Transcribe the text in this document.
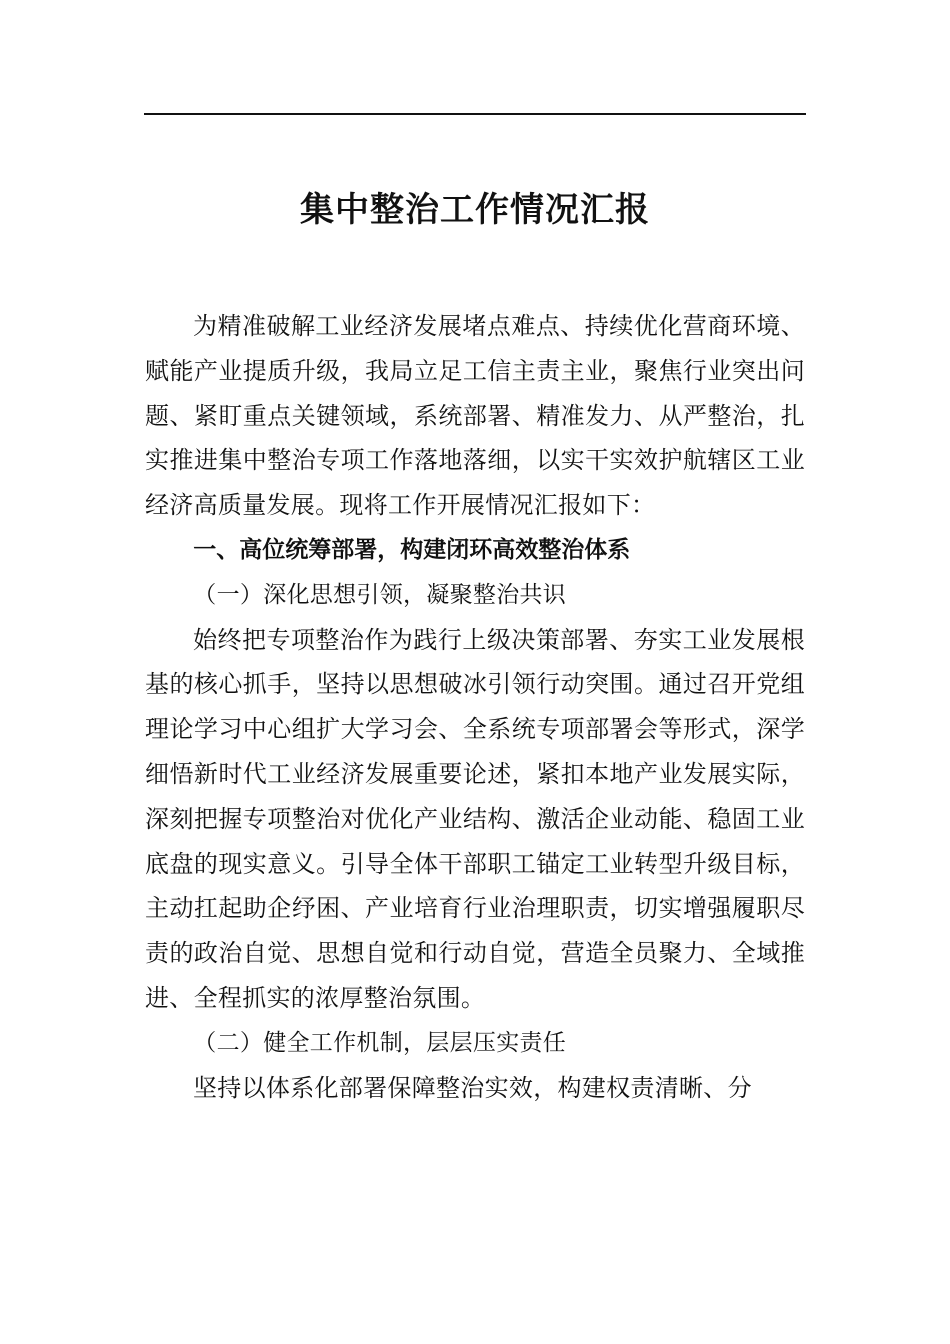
集中整治工作情况汇报

为精准破解工业经济发展堵点难点、持续优化营商环境、赋能产业提质升级，我局立足工信主责主业，聚焦行业突出问题、紧盯重点关键领域，系统部署、精准发力、从严整治，扎实推进集中整治专项工作落地落细，以实干实效护航辖区工业经济高质量发展。现将工作开展情况汇报如下：

一、高位统筹部署，构建闭环高效整治体系

（一）深化思想引领，凝聚整治共识

始终把专项整治作为践行上级决策部署、夯实工业发展根基的核心抓手，坚持以思想破冰引领行动突围。通过召开党组理论学习中心组扩大学习会、全系统专项部署会等形式，深学细悟新时代工业经济发展重要论述，紧扣本地产业发展实际，深刻把握专项整治对优化产业结构、激活企业动能、稳固工业底盘的现实意义。引导全体干部职工锚定工业转型升级目标，主动扛起助企纾困、产业培育行业治理职责，切实增强履职尽责的政治自觉、思想自觉和行动自觉，营造全员聚力、全域推进、全程抓实的浓厚整治氛围。

（二）健全工作机制，层层压实责任

坚持以体系化部署保障整治实效，构建权责清晰、分
